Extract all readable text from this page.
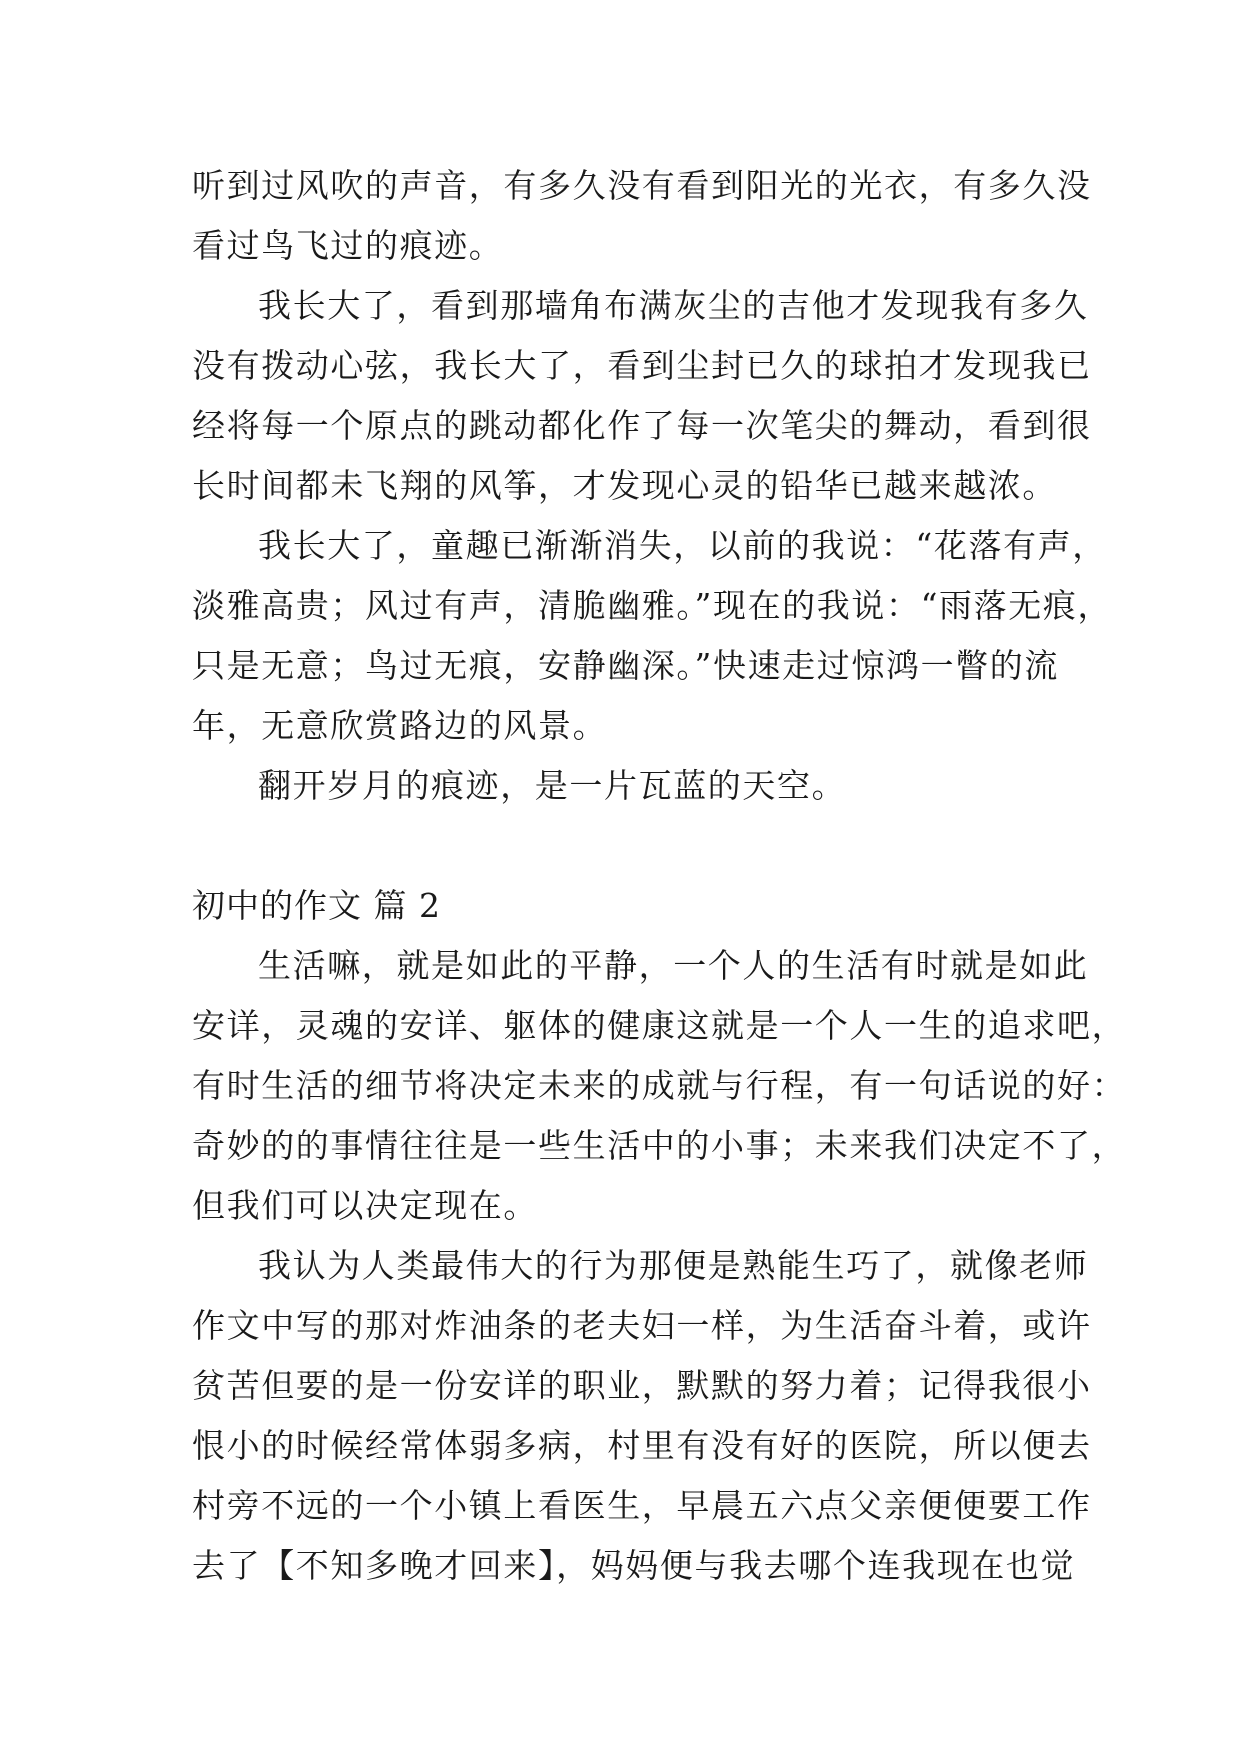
听到过风吹的声音，有多久没有看到阳光的光衣，有多久没
看过鸟飞过的痕迹。
我长大了，看到那墙角布满灰尘的吉他才发现我有多久
没有拨动心弦，我长大了，看到尘封已久的球拍才发现我已
经将每一个原点的跳动都化作了每一次笔尖的舞动，看到很
长时间都未飞翔的风筝，才发现心灵的铅华已越来越浓。
我长大了，童趣已渐渐消失，以前的我说：“花落有声，
淡雅高贵；风过有声，清脆幽雅。”现在的我说：“雨落无痕，
只是无意；鸟过无痕，安静幽深。”快速走过惊鸿一瞥的流
年，无意欣赏路边的风景。
翻开岁月的痕迹，是一片瓦蓝的天空。
初中的作文 篇 2
生活嘛，就是如此的平静，一个人的生活有时就是如此
安详，灵魂的安详、躯体的健康这就是一个人一生的追求吧，
有时生活的细节将决定未来的成就与行程，有一句话说的好：
奇妙的的事情往往是一些生活中的小事；未来我们决定不了，
但我们可以决定现在。
我认为人类最伟大的行为那便是熟能生巧了，就像老师
作文中写的那对炸油条的老夫妇一样，为生活奋斗着，或许
贫苦但要的是一份安详的职业，默默的努力着；记得我很小
恨小的时候经常体弱多病，村里有没有好的医院，所以便去
村旁不远的一个小镇上看医生，早晨五六点父亲便便要工作
去了【不知多晚才回来】，妈妈便与我去哪个连我现在也觉
